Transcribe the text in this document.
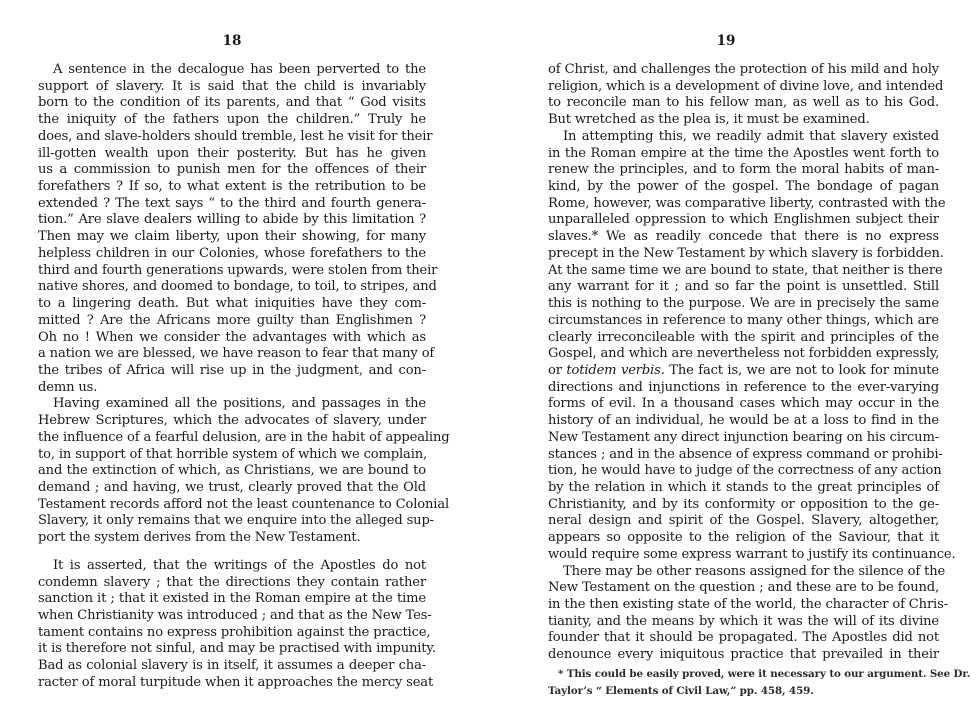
18
A sentence in the decalogue has been perverted to the
support of slavery. It is said that the child is invariably
born to the condition of its parents, and that “ God visits
the iniquity of the fathers upon the children.” Truly he
does, and slave-holders should tremble, lest he visit for their
ill-gotten wealth upon their posterity. But has he given
us a commission to punish men for the offences of their
forefathers ? If so, to what extent is the retribution to be
extended ? The text says “ to the third and fourth genera-
tion.” Are slave dealers willing to abide by this limitation ?
Then may we claim liberty, upon their showing, for many
helpless children in our Colonies, whose forefathers to the
third and fourth generations upwards, were stolen from their
native shores, and doomed to bondage, to toil, to stripes, and
to a lingering death. But what iniquities have they com-
mitted ? Are the Africans more guilty than Englishmen ?
Oh no ! When we consider the advantages with which as
a nation we are blessed, we have reason to fear that many of
the tribes of Africa will rise up in the judgment, and con-
demn us.
Having examined all the positions, and passages in the
Hebrew Scriptures, which the advocates of slavery, under
the influence of a fearful delusion, are in the habit of appealing
to, in support of that horrible system of which we complain,
and the extinction of which, as Christians, we are bound to
demand ; and having, we trust, clearly proved that the Old
Testament records afford not the least countenance to Colonial
Slavery, it only remains that we enquire into the alleged sup-
port the system derives from the New Testament.
It is asserted, that the writings of the Apostles do not
condemn slavery ; that the directions they contain rather
sanction it ; that it existed in the Roman empire at the time
when Christianity was introduced ; and that as the New Tes-
tament contains no express prohibition against the practice,
it is therefore not sinful, and may be practised with impunity.
Bad as colonial slavery is in itself, it assumes a deeper cha-
racter of moral turpitude when it approaches the mercy seat
19
of Christ, and challenges the protection of his mild and holy
religion, which is a development of divine love, and intended
to reconcile man to his fellow man, as well as to his God.
But wretched as the plea is, it must be examined.
In attempting this, we readily admit that slavery existed
in the Roman empire at the time the Apostles went forth to
renew the principles, and to form the moral habits of man-
kind, by the power of the gospel. The bondage of pagan
Rome, however, was comparative liberty, contrasted with the
unparalleled oppression to which Englishmen subject their
slaves.* We as readily concede that there is no express
precept in the New Testament by which slavery is forbidden.
At the same time we are bound to state, that neither is there
any warrant for it ; and so far the point is unsettled. Still
this is nothing to the purpose. We are in precisely the same
circumstances in reference to many other things, which are
clearly irreconcileable with the spirit and principles of the
Gospel, and which are nevertheless not forbidden expressly,
or totidem verbis. The fact is, we are not to look for minute
directions and injunctions in reference to the ever-varying
forms of evil. In a thousand cases which may occur in the
history of an individual, he would be at a loss to find in the
New Testament any direct injunction bearing on his circum-
stances ; and in the absence of express command or prohibi-
tion, he would have to judge of the correctness of any action
by the relation in which it stands to the great principles of
Christianity, and by its conformity or opposition to the ge-
neral design and spirit of the Gospel. Slavery, altogether,
appears so opposite to the religion of the Saviour, that it
would require some express warrant to justify its continuance.
There may be other reasons assigned for the silence of the
New Testament on the question ; and these are to be found,
in the then existing state of the world, the character of Chris-
tianity, and the means by which it was the will of its divine
founder that it should be propagated. The Apostles did not
denounce every iniquitous practice that prevailed in their
* This could be easily proved, were it necessary to our argument. See Dr.
Taylor’s “ Elements of Civil Law,” pp. 458, 459.
